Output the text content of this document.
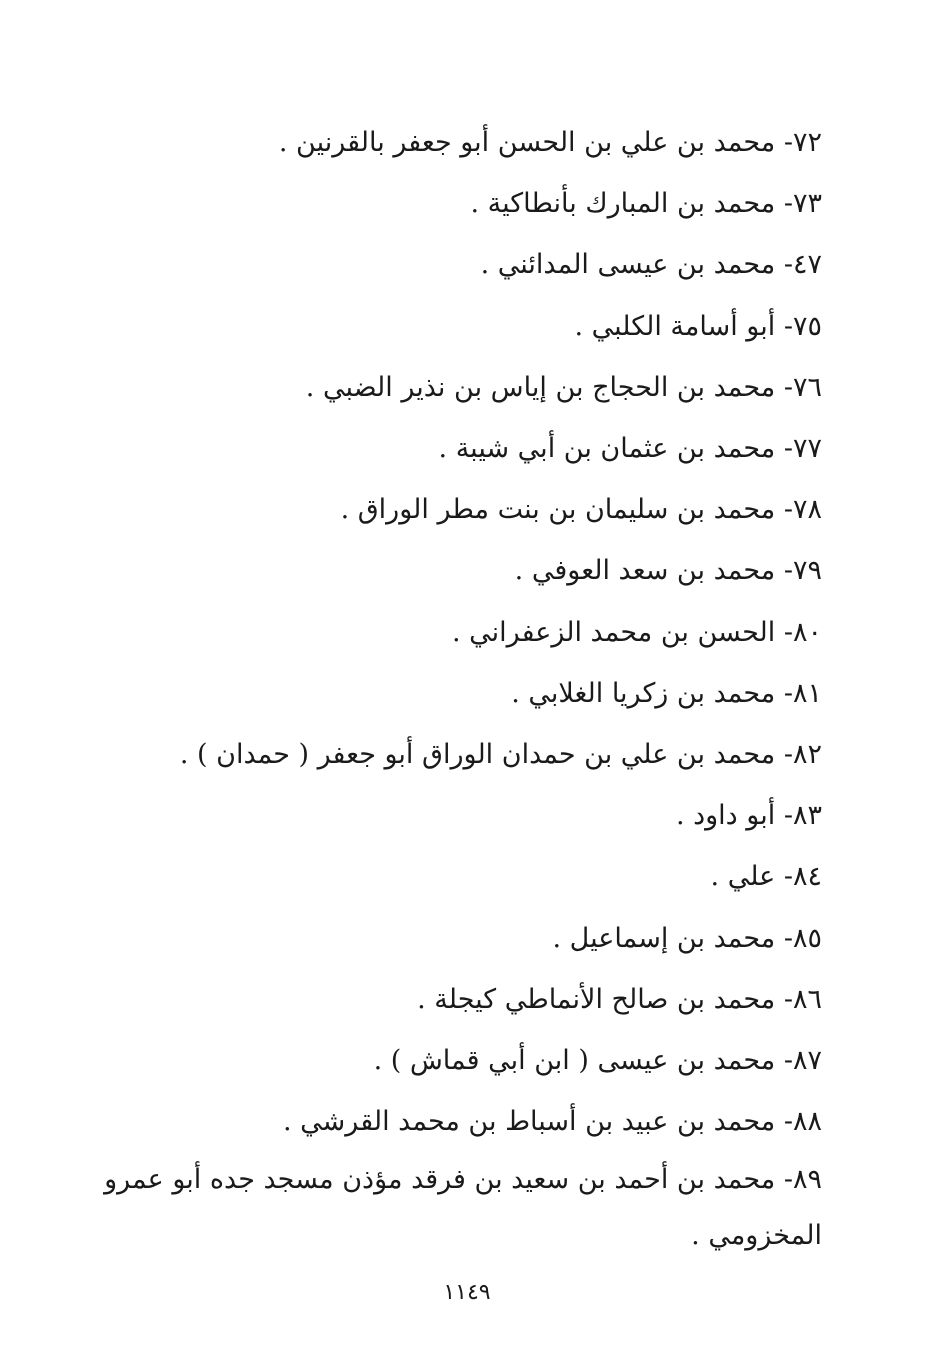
٧٢- محمد بن علي بن الحسن أبو جعفر بالقرنين .
٧٣- محمد بن المبارك بأنطاكية .
٤٧- محمد بن عيسى المدائني .
٧٥- أبو أسامة الكلبي .
٧٦- محمد بن الحجاج بن إياس بن نذير الضبي .
٧٧- محمد بن عثمان بن أبي شيبة .
٧٨- محمد بن سليمان بن بنت مطر الوراق .
٧٩- محمد بن سعد العوفي .
٨٠- الحسن بن محمد الزعفراني .
٨١- محمد بن زكريا الغلابي .
٨٢- محمد بن علي بن حمدان الوراق أبو جعفر ( حمدان ) .
٨٣- أبو داود .
٨٤- علي .
٨٥- محمد بن إسماعيل .
٨٦- محمد بن صالح الأنماطي كيجلة .
٨٧- محمد بن عيسى ( ابن أبي قماش ) .
٨٨- محمد بن عبيد بن أسباط بن محمد القرشي .
٨٩- محمد بن أحمد بن سعيد بن فرقد مؤذن مسجد جده أبو عمرو المخزومي .
١١٤٩
